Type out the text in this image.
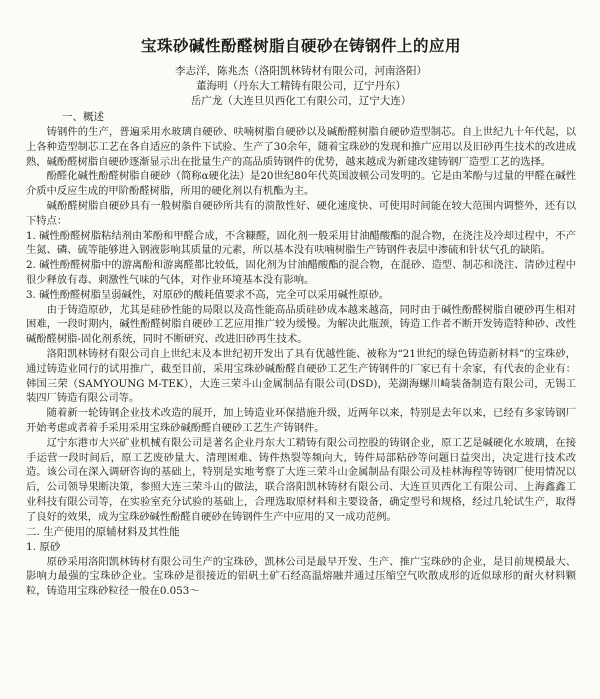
宝珠砂碱性酚醛树脂自硬砂在铸钢件上的应用
李志洋，陈兆杰（洛阳凯林铸材有限公司，河南洛阳）
董海明（丹东大工精铸有限公司，辽宁丹东）
岳广龙（大连旦贝西化工有限公司，辽宁大连）
一、概述

铸钢件的生产，普遍采用水玻璃自硬砂、呋喃树脂自硬砂以及碱酚醛树脂自硬砂造型制芯。自上世纪九十年代起，以上各种造型制芯工艺在各自适应的条件下试验、生产了30余年，随着宝珠砂的发现和推广应用以及旧砂再生技术的改进成熟，碱酚醛树脂自硬砂逐渐显示出在批量生产的高品质铸钢件的优势，越来越成为新建改建铸钢厂造型工艺的选择。

酚醛化碱性酚醛树脂自硬砂（简称α硬化法）是20世纪80年代英国波顿公司发明的。它是由苯酚与过量的甲醛在碱性介质中反应生成的甲阶酚醛树脂，所用的硬化剂以有机酯为主。

碱酚醛树脂自硬砂具有一般树脂自硬砂所共有的溃散性好、硬化速度快、可使用时间能在较大范围内调整外，还有以下特点：

1. 碱性酚醛树脂粘结剂由苯酚和甲醛合成，不含糠醛，固化剂一般采用甘油醋酸酯的混合物，在浇注及冷却过程中，不产生氮、磷、硫等能够进入钢液影响其质量的元素，所以基本没有呋喃树脂生产铸钢件表层中渗硫和针状气孔的缺陷。

2. 碱性酚醛树脂中的游离酚和游离醛都比较低，固化剂为甘油醋酸酯的混合物，在混砂、造型、制芯和浇注、清砂过程中很少释放有毒、刺激性气味的气体，对作业环境基本没有影响。

3. 碱性酚醛树脂呈弱碱性，对原砂的酸耗值要求不高，完全可以采用碱性原砂。

由于铸造原砂，尤其是硅砂性能的局限以及高性能高品质硅砂成本越来越高，同时由于碱性酚醛树脂自硬砂再生相对困难，一段时期内，碱性酚醛树脂自硬砂工艺应用推广较为缓慢。为解决此瓶颈，铸造工作者不断开发铸造特种砂、改性碱酚醛树脂-固化剂系统，同时不断研究、改进旧砂再生技术。

洛阳凯林铸材有限公司自上世纪末及本世纪初开发出了具有优越性能、被称为“21世纪的绿色铸造新材料”的宝珠砂，通过铸造业同行的试用推广，截至目前，采用宝珠砂碱酚醛自硬砂工艺生产铸钢件的厂家已有十余家，有代表的企业有：韩国三荣（SAMYOUNG M-TEK），大连三荣斗山金属制品有限公司(DSD)，芜湖海螺川崎装备制造有限公司，无锡工装四厂铸造有限公司等。

随着新一轮铸钢企业技术改造的展开，加上铸造业环保措施升级，近两年以来，特别是去年以来，已经有多家铸钢厂开始考虑或者着手采用采用宝珠砂碱酚醛自硬砂工艺生产铸钢件。

辽宁东港市大兴矿业机械有限公司是著名企业丹东大工精铸有限公司控股的铸钢企业，原工艺是碱硬化水玻璃，在接手运营一段时间后，原工艺废砂量大、清理困难、铸件热裂等频向大，铸件局部粘砂等问题日益突出，决定进行技术改造。该公司在深入调研咨询的基础上，特别是实地考察了大连三荣斗山金属制品有限公司及桂林海程等铸钢厂使用情况以后，公司领导果断决策，参照大连三荣斗山的做法，联合洛阳凯林铸材有限公司、大连亘贝西化工有限公司、上海鑫鑫工业科技有限公司等，在实验室充分试验的基础上，合理选取原材料和主要设备，确定型号和规格，经过几轮试生产，取得了良好的效果，成为宝珠砂碱性酚醛自硬砂在铸钢件生产中应用的又一成功范例。

二. 生产使用的原辅材料及其性能
1. 原砂

原砂采用洛阳凯林铸材有限公司生产的宝珠砂，凯林公司是最早开发、生产、推广宝珠砂的企业，是目前规模最大、影响力最强的宝珠砂企业。宝珠砂是很接近的铝矾土矿石经高温熔融并通过压缩空气吹散成形的近似球形的耐火材料颗粒，铸造用宝珠砂粒径一般在0.053～
